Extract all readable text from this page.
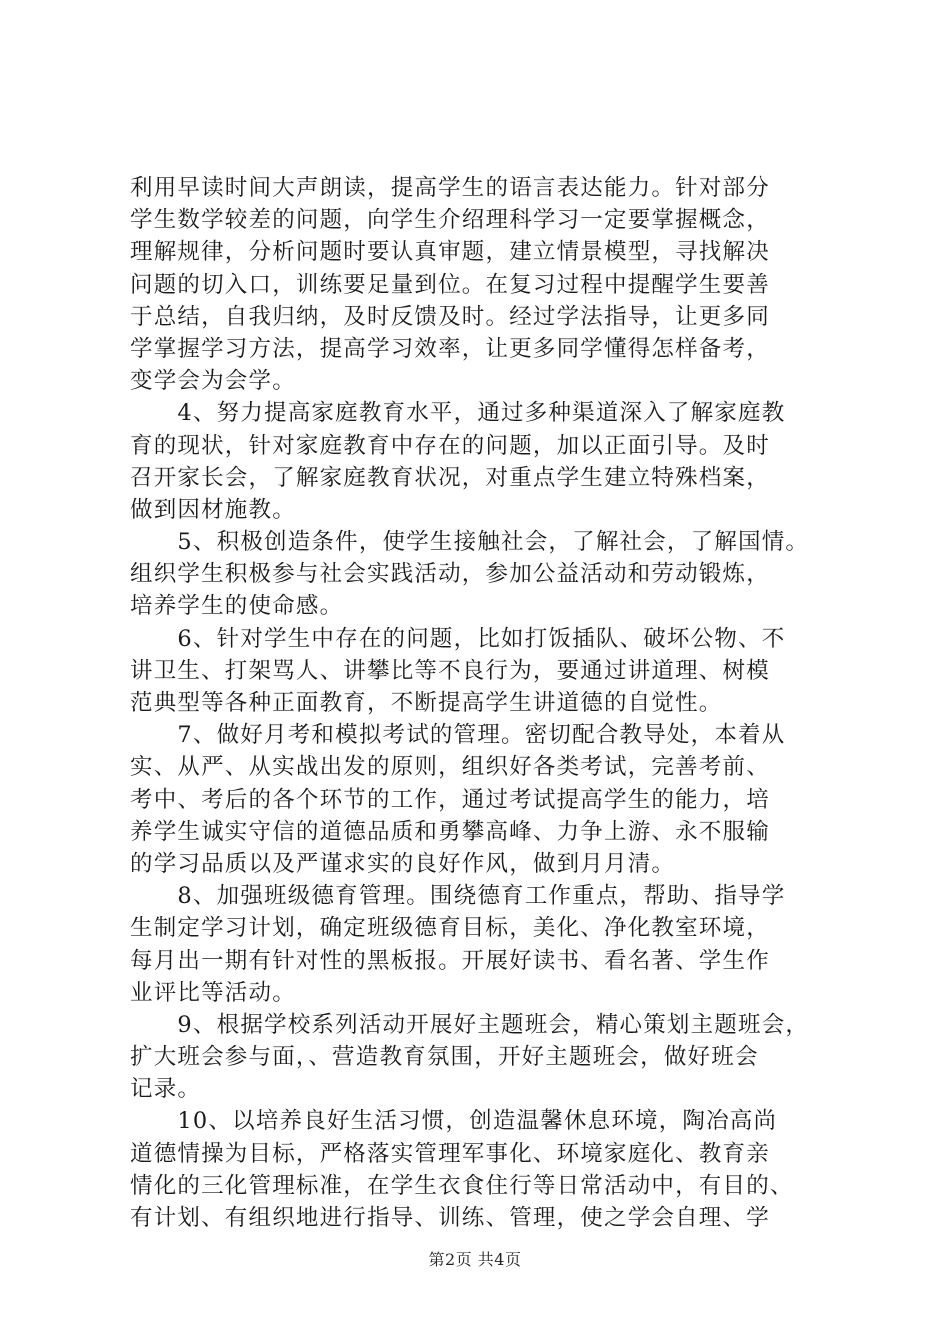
利用早读时间大声朗读，提高学生的语言表达能力。针对部分
学生数学较差的问题，向学生介绍理科学习一定要掌握概念，
理解规律，分析问题时要认真审题，建立情景模型，寻找解决
问题的切入口，训练要足量到位。在复习过程中提醒学生要善
于总结，自我归纳，及时反馈及时。经过学法指导，让更多同
学掌握学习方法，提高学习效率，让更多同学懂得怎样备考，
变学会为会学。
　　4、努力提高家庭教育水平，通过多种渠道深入了解家庭教
育的现状，针对家庭教育中存在的问题，加以正面引导。及时
召开家长会，了解家庭教育状况，对重点学生建立特殊档案，
做到因材施教。
　　5、积极创造条件，使学生接触社会，了解社会，了解国情。
组织学生积极参与社会实践活动，参加公益活动和劳动锻炼，
培养学生的使命感。
　　6、针对学生中存在的问题，比如打饭插队、破坏公物、不
讲卫生、打架骂人、讲攀比等不良行为，要通过讲道理、树模
范典型等各种正面教育，不断提高学生讲道德的自觉性。
　　7、做好月考和模拟考试的管理。密切配合教导处，本着从
实、从严、从实战出发的原则，组织好各类考试，完善考前、
考中、考后的各个环节的工作，通过考试提高学生的能力，培
养学生诚实守信的道德品质和勇攀高峰、力争上游、永不服输
的学习品质以及严谨求实的良好作风，做到月月清。
　　8、加强班级德育管理。围绕德育工作重点，帮助、指导学
生制定学习计划，确定班级德育目标，美化、净化教室环境，
每月出一期有针对性的黑板报。开展好读书、看名著、学生作
业评比等活动。
　　9、根据学校系列活动开展好主题班会，精心策划主题班会，
扩大班会参与面，、营造教育氛围，开好主题班会，做好班会
记录。
　　10、以培养良好生活习惯，创造温馨休息环境，陶冶高尚
道德情操为目标，严格落实管理军事化、环境家庭化、教育亲
情化的三化管理标准，在学生衣食住行等日常活动中，有目的、
有计划、有组织地进行指导、训练、管理，使之学会自理、学
第2页 共4页
